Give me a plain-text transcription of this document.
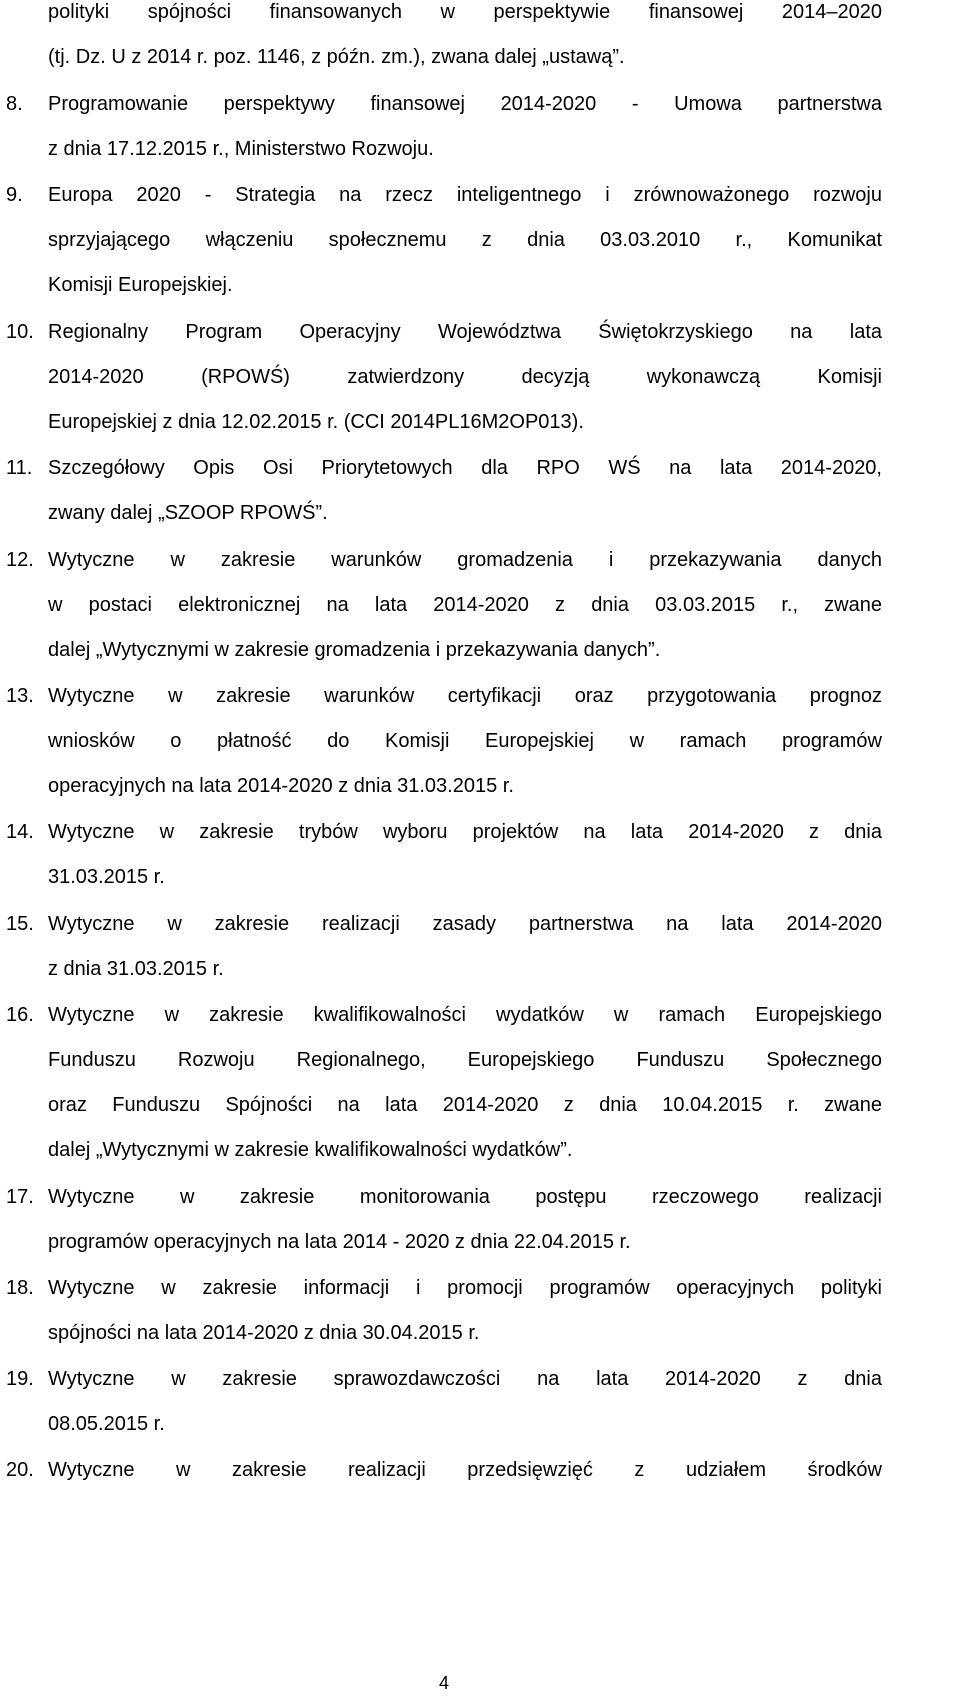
polityki spójności finansowanych w perspektywie finansowej 2014–2020
(tj. Dz. U z 2014 r. poz. 1146, z późn. zm.), zwana dalej „ustawą”.
8. Programowanie perspektywy finansowej 2014-2020 - Umowa partnerstwa
z dnia 17.12.2015 r., Ministerstwo Rozwoju.
9. Europa 2020 - Strategia na rzecz inteligentnego i zrównoważonego rozwoju
sprzyjającego włączeniu społecznemu z dnia 03.03.2010 r., Komunikat
Komisji Europejskiej.
10. Regionalny Program Operacyjny Województwa Świętokrzyskiego na lata
2014-2020 (RPOWŚ) zatwierdzony decyzją wykonawczą Komisji
Europejskiej z dnia 12.02.2015 r. (CCI 2014PL16M2OP013).
11. Szczegółowy Opis Osi Priorytetowych dla RPO WŚ na lata 2014-2020,
zwany dalej „SZOOP RPOWŚ”.
12. Wytyczne w zakresie warunków gromadzenia i przekazywania danych
w postaci elektronicznej na lata 2014-2020 z dnia 03.03.2015 r., zwane
dalej „Wytycznymi w zakresie gromadzenia i przekazywania danych”.
13. Wytyczne w zakresie warunków certyfikacji oraz przygotowania prognoz
wniosków o płatność do Komisji Europejskiej w ramach programów
operacyjnych na lata 2014-2020 z dnia 31.03.2015 r.
14. Wytyczne w zakresie trybów wyboru projektów na lata 2014-2020 z dnia
31.03.2015 r.
15. Wytyczne w zakresie realizacji zasady partnerstwa na lata 2014-2020
z dnia 31.03.2015 r.
16. Wytyczne w zakresie kwalifikowalności wydatków w ramach Europejskiego
Funduszu Rozwoju Regionalnego, Europejskiego Funduszu Społecznego
oraz Funduszu Spójności na lata 2014-2020 z dnia 10.04.2015 r. zwane
dalej „Wytycznymi w zakresie kwalifikowalności wydatków”.
17. Wytyczne w zakresie monitorowania postępu rzeczowego realizacji
programów operacyjnych na lata 2014 - 2020 z dnia 22.04.2015 r.
18. Wytyczne w zakresie informacji i promocji programów operacyjnych polityki
spójności na lata 2014-2020 z dnia 30.04.2015 r.
19. Wytyczne w zakresie sprawozdawczości na lata 2014-2020 z dnia
08.05.2015 r.
20. Wytyczne w zakresie realizacji przedsięwzięć z udziałem środków
4
